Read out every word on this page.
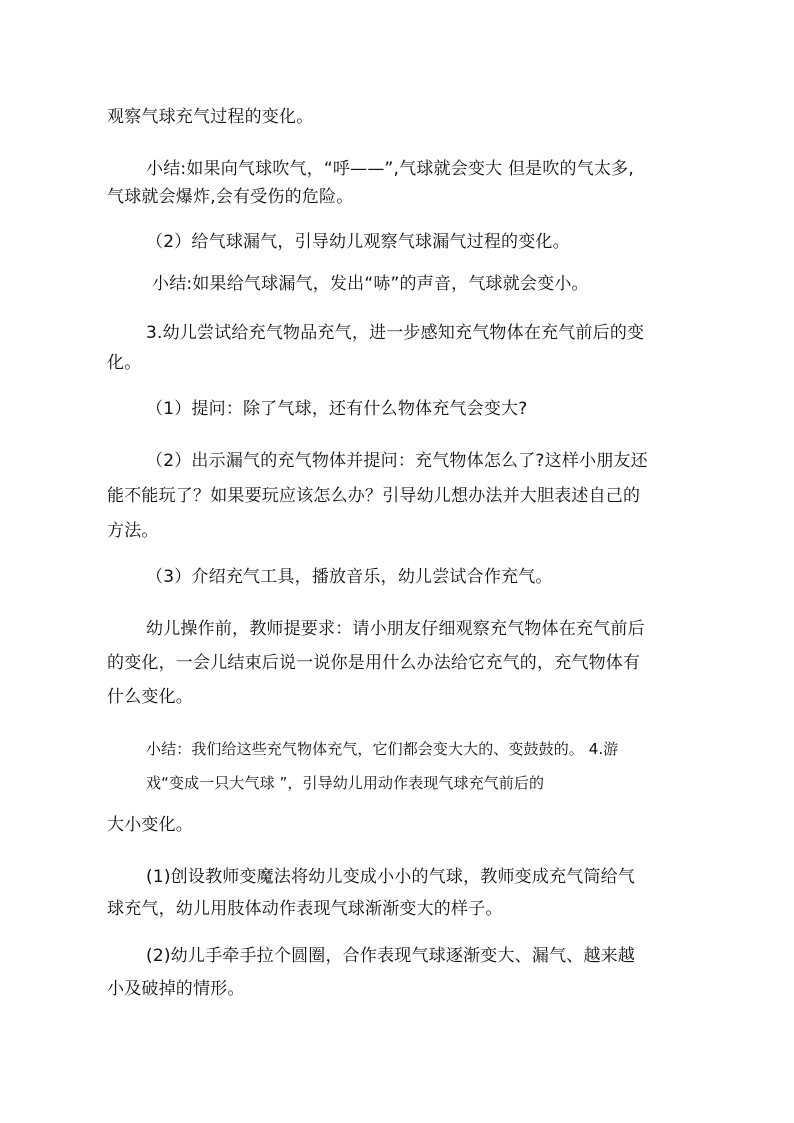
观察气球充气过程的变化。
小结:如果向气球吹气，“呼——”,气球就会变大 但是吹的气太多,
气球就会爆炸,会有受伤的危险。
（2）给气球漏气，引导幼儿观察气球漏气过程的变化。
小结:如果给气球漏气，发出“哧”的声音，气球就会变小。
3.幼儿尝试给充气物品充气，进一步感知充气物体在充气前后的变
化。
（1）提问：除了气球，还有什么物体充气会变大?
（2）出示漏气的充气物体并提问：充气物体怎么了?这样小朋友还
能不能玩了？如果要玩应该怎么办？引导幼儿想办法并大胆表述自己的
方法。
（3）介绍充气工具，播放音乐，幼儿尝试合作充气。
幼儿操作前，教师提要求：请小朋友仔细观察充气物体在充气前后
的变化，一会儿结束后说一说你是用什么办法给它充气的，充气物体有
什么变化。
小结：我们给这些充气物体充气，它们都会变大大的、变鼓鼓的。 4.游
戏“变成一只大气球 ”，引导幼儿用动作表现气球充气前后的
大小变化。
(1)创设教师变魔法将幼儿变成小小的气球，教师变成充气筒给气
球充气，幼儿用肢体动作表现气球渐渐变大的样子。
(2)幼儿手牵手拉个圆圈，合作表现气球逐渐变大、漏气、越来越
小及破掉的情形。
